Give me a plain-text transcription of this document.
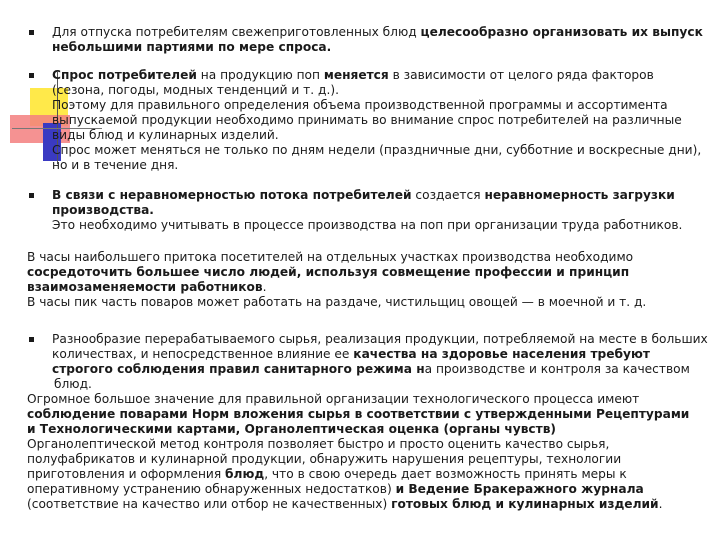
Для отпуска потребителям свежеприготовленных блюд целесообразно организовать их выпуск
небольшими партиями по мере спроса.
Спрос потребителей на продукцию поп меняется в зависимости от целого ряда факторов
(сезона, погоды, модных тенденций и т. д.).
Поэтому для правильного определения объема производственной программы и ассортимента
выпускаемой продукции необходимо принимать во внимание спрос потребителей на различные
виды блюд и кулинарных изделий.
Спрос может меняться не только по дням недели (праздничные дни, субботние и воскресные дни),
но и в течение дня.
В связи с неравномерностью потока потребителей создается неравномерность загрузки
производства.
Это необходимо учитывать в процессе производства на поп при организации труда работников.
В часы наибольшего притока посетителей на отдельных участках производства необходимо
сосредоточить большее число людей, используя совмещение профессии и принцип
взаимозаменяемости работников.
В часы пик часть поваров может работать на раздаче, чистильщиц овощей — в моечной и т. д.
Разнообразие перерабатываемого сырья, реализация продукции, потребляемой на месте в больших
количествах, и непосредственное влияние ее качества на здоровье населения требуют
строгого соблюдения правил санитарного режима на производстве и контроля за качеством
блюд.
Огромное большое значение для правильной организации технологического процесса имеют
соблюдение поварами Норм вложения сырья в соответствии с утвержденными Рецептурами
и Технологическими картами, Органолептическая оценка (органы чувств)
Органолептической метод контроля позволяет быстро и просто оценить качество сырья,
полуфабрикатов и кулинарной продукции, обнаружить нарушения рецептуры, технологии
приготовления и оформления блюд, что в свою очередь дает возможность принять меры к
оперативному устранению обнаруженных недостатков) и Ведение Бракеражного журнала
(соответствие на качество или отбор не качественных) готовых блюд и кулинарных изделий.
